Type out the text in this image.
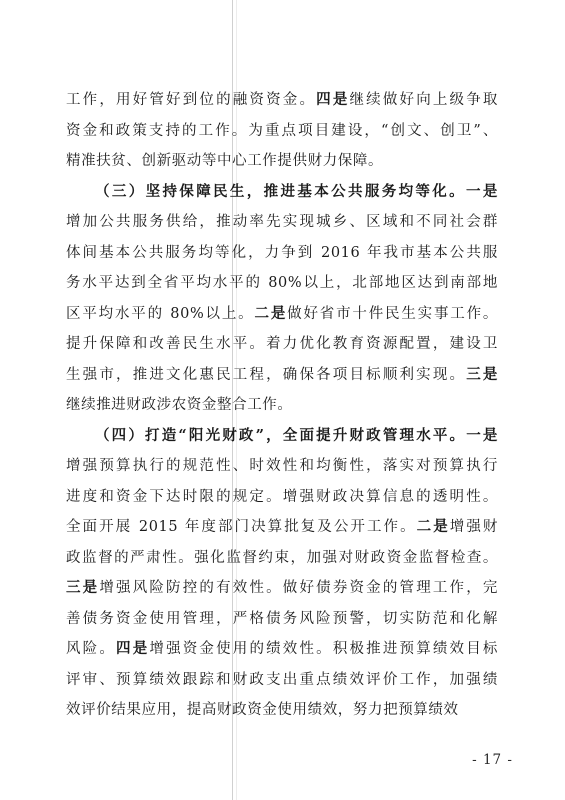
工作，用好管好到位的融资资金。四是继续做好向上级争取
资金和政策支持的工作。为重点项目建设，“创文、创卫”、
精准扶贫、创新驱动等中心工作提供财力保障。
（三）坚持保障民生，推进基本公共服务均等化。一是
增加公共服务供给，推动率先实现城乡、区域和不同社会群
体间基本公共服务均等化，力争到 2016 年我市基本公共服
务水平达到全省平均水平的 80%以上，北部地区达到南部地
区平均水平的 80%以上。二是做好省市十件民生实事工作。
提升保障和改善民生水平。着力优化教育资源配置，建设卫
生强市，推进文化惠民工程，确保各项目标顺利实现。三是
继续推进财政涉农资金整合工作。
（四）打造“阳光财政”，全面提升财政管理水平。一是
增强预算执行的规范性、时效性和均衡性，落实对预算执行
进度和资金下达时限的规定。增强财政决算信息的透明性。
全面开展 2015 年度部门决算批复及公开工作。二是增强财
政监督的严肃性。强化监督约束，加强对财政资金监督检查。
三是增强风险防控的有效性。做好债券资金的管理工作，完
善债务资金使用管理，严格债务风险预警，切实防范和化解
风险。四是增强资金使用的绩效性。积极推进预算绩效目标
评审、预算绩效跟踪和财政支出重点绩效评价工作，加强绩
效评价结果应用，提高财政资金使用绩效，努力把预算绩效
- 17 -
